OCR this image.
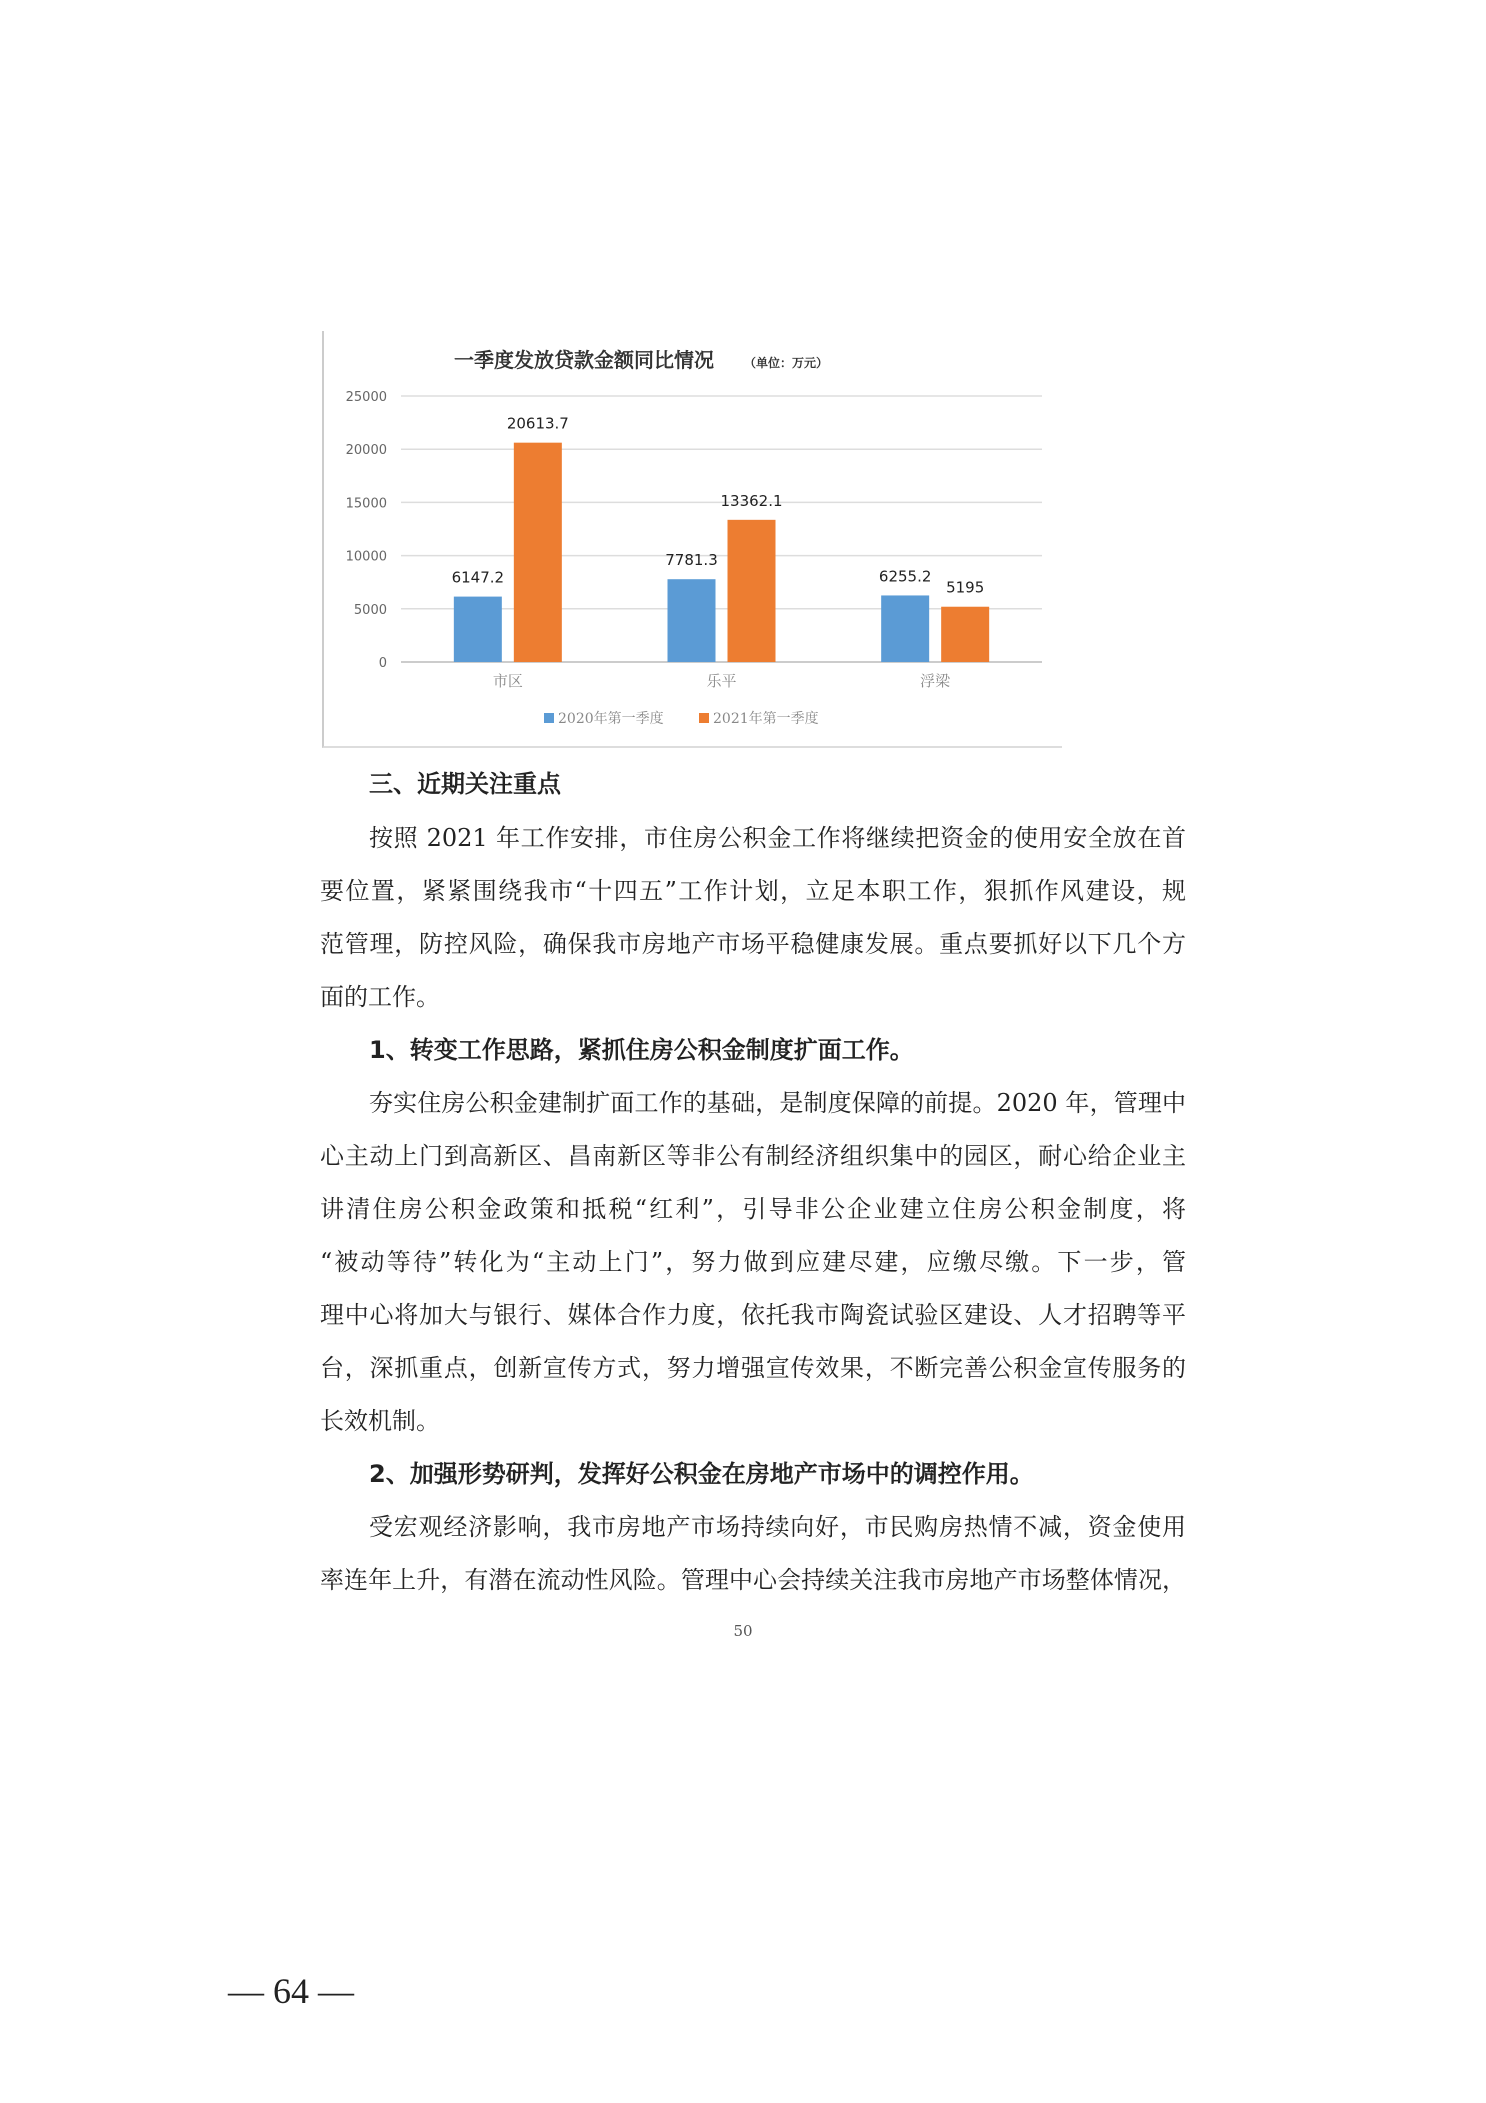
一季度发放贷款金额同比情况	（单位：万元）
0
5000
10000
15000
20000
25000
6147.2
20613.7
市区
7781.3
13362.1
乐平
6255.2
5195
浮梁
2020年第一季度	2021年第一季度
三、近期关注重点
按照 2021 年工作安排，市住房公积金工作将继续把资金的使用安全放在首
要位置，紧紧围绕我市“十四五”工作计划，立足本职工作，狠抓作风建设，规
范管理，防控风险，确保我市房地产市场平稳健康发展。重点要抓好以下几个方
面的工作。
1、转变工作思路，紧抓住房公积金制度扩面工作。
夯实住房公积金建制扩面工作的基础，是制度保障的前提。2020 年，管理中
心主动上门到高新区、昌南新区等非公有制经济组织集中的园区，耐心给企业主
讲清住房公积金政策和抵税“红利”，引导非公企业建立住房公积金制度，将
“被动等待”转化为“主动上门”，努力做到应建尽建，应缴尽缴。下一步，管
理中心将加大与银行、媒体合作力度，依托我市陶瓷试验区建设、人才招聘等平
台，深抓重点，创新宣传方式，努力增强宣传效果，不断完善公积金宣传服务的
长效机制。
2、加强形势研判，发挥好公积金在房地产市场中的调控作用。
受宏观经济影响，我市房地产市场持续向好，市民购房热情不减，资金使用
率连年上升，有潜在流动性风险。管理中心会持续关注我市房地产市场整体情况，
50
— 64 —
